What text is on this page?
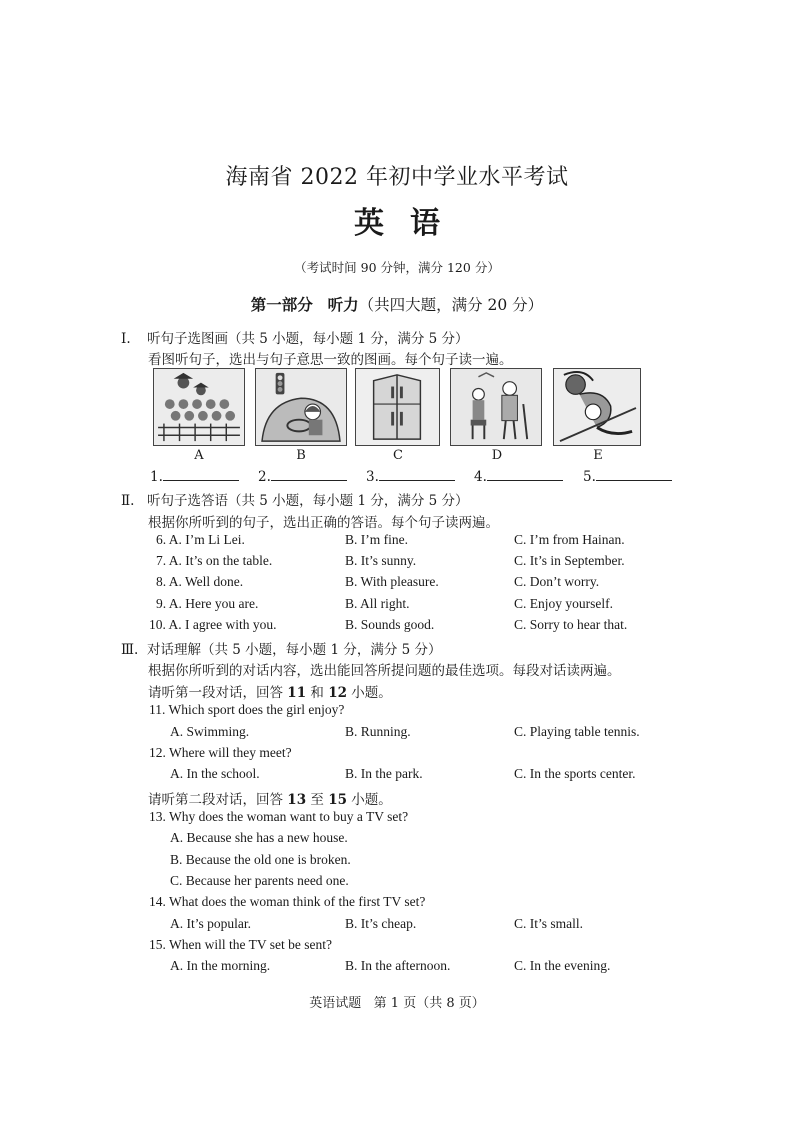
海南省 2022 年初中学业水平考试
英语
（考试时间 90 分钟，满分 120 分）
第一部分 听力（共四大题，满分 20 分）
Ⅰ. 听句子选图画（共 5 小题，每小题 1 分，满分 5 分）
看图听句子，选出与句子意思一致的图画。每个句子读一遍。
A	B	C	D	E
1.	2.	3.	4.	5.
Ⅱ. 听句子选答语（共 5 小题，每小题 1 分，满分 5 分）
根据你所听到的句子，选出正确的答语。每个句子读两遍。
6. A. I’m Li Lei.	B. I’m fine.	C. I’m from Hainan.
7. A. It’s on the table.	B. It’s sunny.	C. It’s in September.
8. A. Well done.	B. With pleasure.	C. Don’t worry.
9. A. Here you are.	B. All right.	C. Enjoy yourself.
10. A. I agree with you.	B. Sounds good.	C. Sorry to hear that.
Ⅲ. 对话理解（共 5 小题，每小题 1 分，满分 5 分）
根据你所听到的对话内容，选出能回答所提问题的最佳选项。每段对话读两遍。
请听第一段对话，回答 11 和 12 小题。
11. Which sport does the girl enjoy?
A. Swimming.	B. Running.	C. Playing table tennis.
12. Where will they meet?
A. In the school.	B. In the park.	C. In the sports center.
请听第二段对话，回答 13 至 15 小题。
13. Why does the woman want to buy a TV set?
A. Because she has a new house.
B. Because the old one is broken.
C. Because her parents need one.
14. What does the woman think of the first TV set?
A. It’s popular.	B. It’s cheap.	C. It’s small.
15. When will the TV set be sent?
A. In the morning.	B. In the afternoon.	C. In the evening.
英语试题 第 1 页（共 8 页）
